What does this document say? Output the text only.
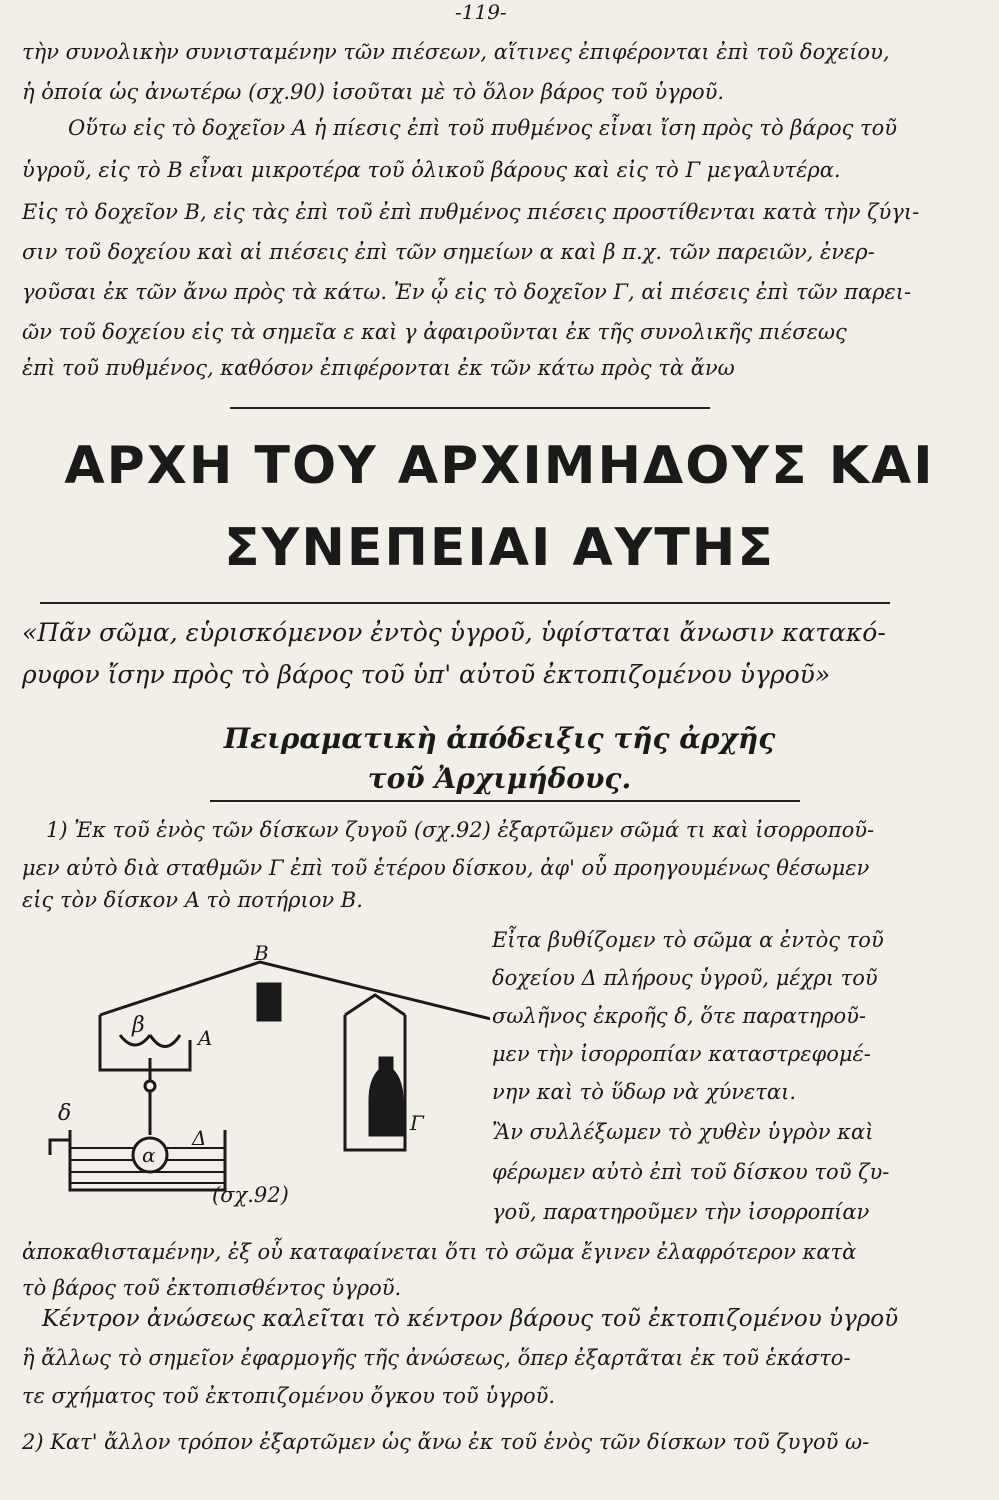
-119-
τὴν συνολικὴν συνισταμένην τῶν πιέσεων, αἵτινες ἐπιφέρονται ἐπὶ τοῦ δοχείου,
ἡ ὁποία ὡς ἀνωτέρω (σχ.90) ἰσοῦται μὲ τὸ ὅλον βάρος τοῦ ὑγροῦ.
Οὕτω εἰς τὸ δοχεῖον Α ἡ πίεσις ἐπὶ τοῦ πυθμένος εἶναι ἴση πρὸς τὸ βάρος τοῦ
ὑγροῦ, εἰς τὸ Β εἶναι μικροτέρα τοῦ ὁλικοῦ βάρους καὶ εἰς τὸ Γ μεγαλυτέρα.
Εἰς τὸ δοχεῖον Β, εἰς τὰς ἐπὶ τοῦ ἐπὶ πυθμένος πιέσεις προστίθενται κατὰ τὴν ζύγι-
σιν τοῦ δοχείου καὶ αἱ πιέσεις ἐπὶ τῶν σημείων α καὶ β π.χ. τῶν παρειῶν, ἐνερ-
γοῦσαι ἐκ τῶν ἄνω πρὸς τὰ κάτω. Ἐν ᾧ εἰς τὸ δοχεῖον Γ, αἱ πιέσεις ἐπὶ τῶν παρει-
ῶν τοῦ δοχείου εἰς τὰ σημεῖα ε καὶ γ ἀφαιροῦνται ἐκ τῆς συνολικῆς πιέσεως
ἐπὶ τοῦ πυθμένος, καθόσον ἐπιφέρονται ἐκ τῶν κάτω πρὸς τὰ ἄνω
ΑΡΧΗ ΤΟΥ ΑΡΧΙΜΗΔΟΥΣ ΚΑΙ
ΣΥΝΕΠΕΙΑΙ ΑΥΤΗΣ
«Πᾶν σῶμα, εὑρισκόμενον ἐντὸς ὑγροῦ, ὑφίσταται ἄνωσιν κατακό-
ρυφον ἴσην πρὸς τὸ βάρος τοῦ ὑπ' αὐτοῦ ἐκτοπιζομένου ὑγροῦ»
Πειραματικὴ ἀπόδειξις τῆς ἀρχῆς
τοῦ Ἀρχιμήδους.
1) Ἐκ τοῦ ἑνὸς τῶν δίσκων ζυγοῦ (σχ.92) ἐξαρτῶμεν σῶμά τι καὶ ἰσορροποῦ-
μεν αὐτὸ διὰ σταθμῶν Γ ἐπὶ τοῦ ἑτέρου δίσκου, ἀφ' οὗ προηγουμένως θέσωμεν
εἰς τὸν δίσκον Α τὸ ποτήριον Β.
Β
β	Α
δ
Δ
α
Γ
(σχ.92)
Εἶτα βυθίζομεν τὸ σῶμα α ἐντὸς τοῦ
δοχείου Δ πλήρους ὑγροῦ, μέχρι τοῦ
σωλῆνος ἐκροῆς δ, ὅτε παρατηροῦ-
μεν τὴν ἰσορροπίαν καταστρεφομέ-
νην καὶ τὸ ὕδωρ νὰ χύνεται.
Ἂν συλλέξωμεν τὸ χυθὲν ὑγρὸν καὶ
φέρωμεν αὐτὸ ἐπὶ τοῦ δίσκου τοῦ ζυ-
γοῦ, παρατηροῦμεν τὴν ἰσορροπίαν
ἀποκαθισταμένην, ἐξ οὗ καταφαίνεται ὅτι τὸ σῶμα ἔγινεν ἐλαφρότερον κατὰ
τὸ βάρος τοῦ ἐκτοπισθέντος ὑγροῦ.
Κέντρον ἀνώσεως καλεῖται τὸ κέντρον βάρους τοῦ ἐκτοπιζομένου ὑγροῦ
ἢ ἄλλως τὸ σημεῖον ἐφαρμογῆς τῆς ἀνώσεως, ὅπερ ἐξαρτᾶται ἐκ τοῦ ἑκάστο-
τε σχήματος τοῦ ἐκτοπιζομένου ὄγκου τοῦ ὑγροῦ.
2) Κατ' ἄλλον τρόπον ἐξαρτῶμεν ὡς ἄνω ἐκ τοῦ ἑνὸς τῶν δίσκων τοῦ ζυγοῦ ω-
